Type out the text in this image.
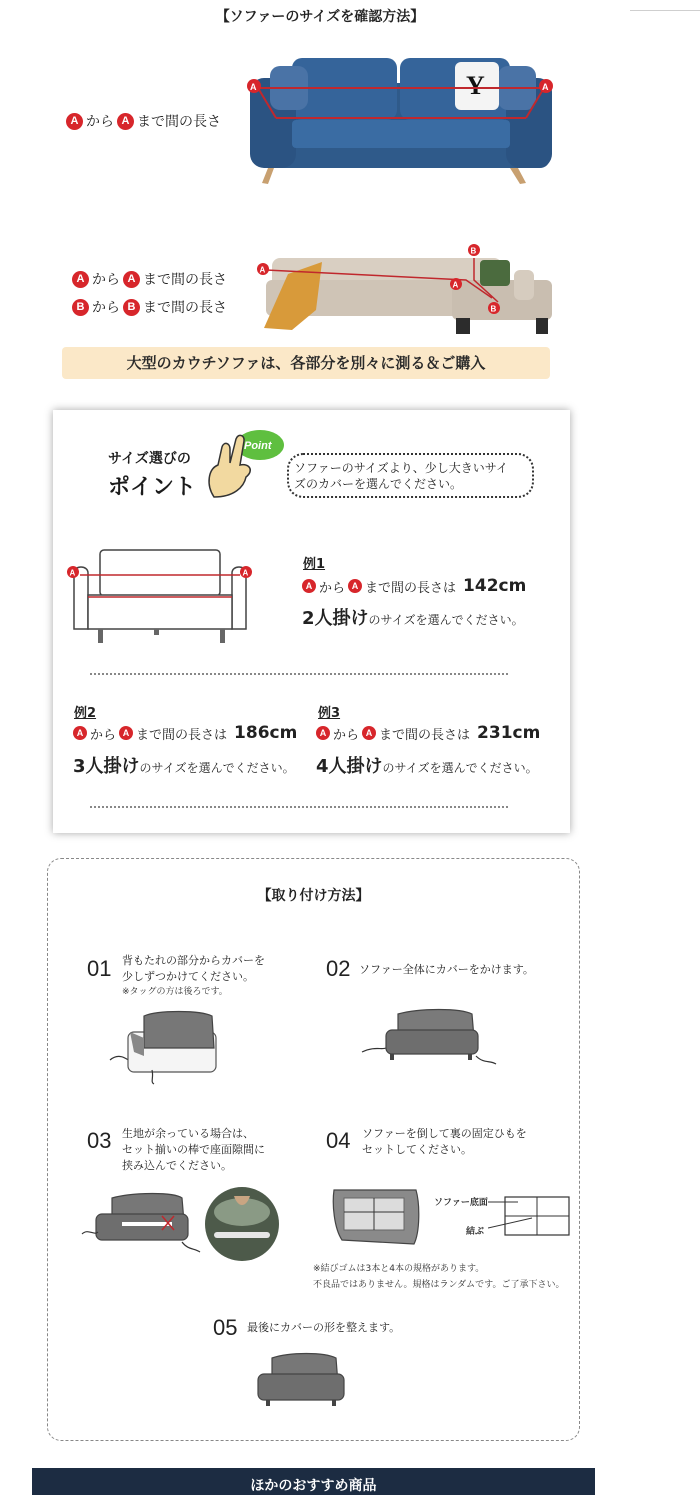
【ソファーのサイズを確認方法】
A から A まで間の長さ
Y
A	A
A から A まで間の長さ
B から B まで間の長さ
A
A
B
B
大型のカウチソファは、各部分を別々に測る＆ご購入
サイズ選びの
ポイント
Point
ソファーのサイズより、少し大きいサイ
ズのカバーを選んでください。
A	A
例1
A から A まで間の長さは 142cm
2人掛けのサイズを選んでください。
例2
A から A まで間の長さは 186cm
3人掛けのサイズを選んでください。
例3
A から A まで間の長さは 231cm
4人掛けのサイズを選んでください。
【取り付け方法】
01 背もたれの部分からカバーを
少しずつかけてください。
※タッグの方は後ろです。
02 ソファー全体にカバーをかけます。
03 生地が余っている場合は、
セット揃いの棒で座面隙間に
挟み込んでください。
04 ソファーを倒して裏の固定ひもを
セットしてください。
ソファー底面
結ぶ
※結びゴムは3本と4本の規格があります。
不良品ではありません。規格はランダムです。ご了承下さい。
05 最後にカバーの形を整えます。
ほかのおすすめ商品
